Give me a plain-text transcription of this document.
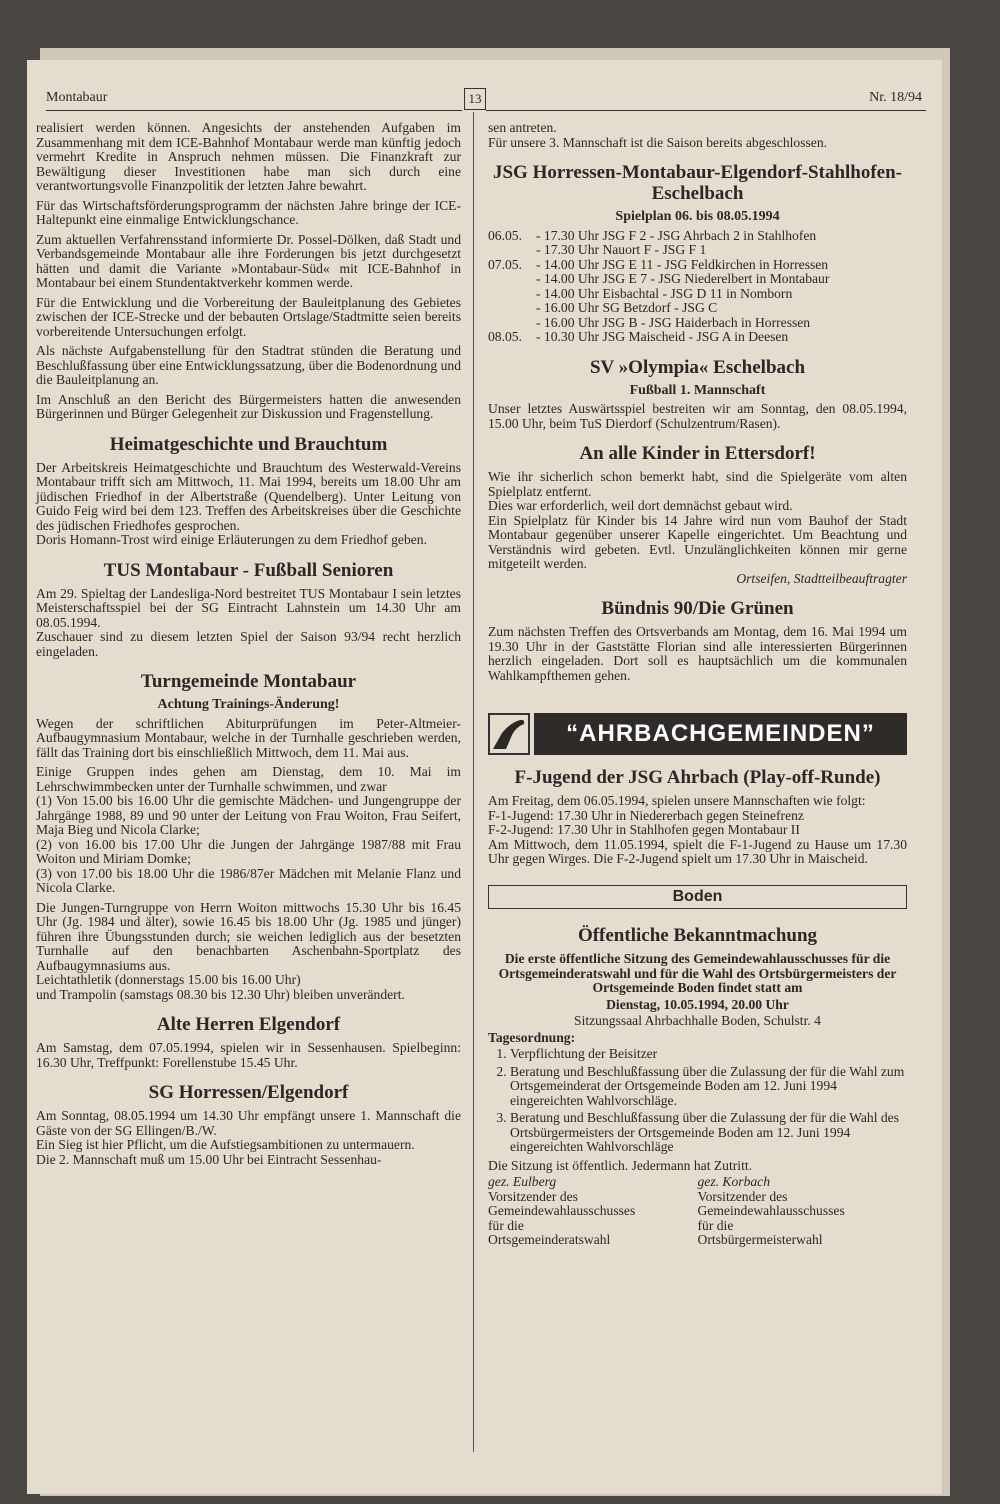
Montabaur	13	Nr. 18/94

realisiert werden können. Angesichts der anstehenden Aufgaben im Zusammenhang mit dem ICE-Bahnhof Montabaur werde man künftig jedoch vermehrt Kredite in Anspruch nehmen müssen. Die Finanzkraft zur Bewältigung dieser Investitionen habe man sich durch eine verantwortungsvolle Finanzpolitik der letzten Jahre bewahrt.

Für das Wirtschaftsförderungsprogramm der nächsten Jahre bringe der ICE-Haltepunkt eine einmalige Entwicklungschance.

Zum aktuellen Verfahrensstand informierte Dr. Possel-Dölken, daß Stadt und Verbandsgemeinde Montabaur alle ihre Forderungen bis jetzt durchgesetzt hätten und damit die Variante »Montabaur-Süd« mit ICE-Bahnhof in Montabaur bei einem Stundentaktverkehr kommen werde.

Für die Entwicklung und die Vorbereitung der Bauleitplanung des Gebietes zwischen der ICE-Strecke und der bebauten Ortslage/Stadtmitte seien bereits vorbereitende Untersuchungen erfolgt.

Als nächste Aufgabenstellung für den Stadtrat stünden die Beratung und Beschlußfassung über eine Entwicklungssatzung, über die Bodenordnung und die Bauleitplanung an.

Im Anschluß an den Bericht des Bürgermeisters hatten die anwesenden Bürgerinnen und Bürger Gelegenheit zur Diskussion und Fragenstellung.

Heimatgeschichte und Brauchtum

Der Arbeitskreis Heimatgeschichte und Brauchtum des Westerwald-Vereins Montabaur trifft sich am Mittwoch, 11. Mai 1994, bereits um 18.00 Uhr am jüdischen Friedhof in der Albertstraße (Quendelberg). Unter Leitung von Guido Feig wird bei dem 123. Treffen des Arbeitskreises über die Geschichte des jüdischen Friedhofes gesprochen.

Doris Homann-Trost wird einige Erläuterungen zu dem Friedhof geben.

TUS Montabaur - Fußball Senioren

Am 29. Spieltag der Landesliga-Nord bestreitet TUS Montabaur I sein letztes Meisterschaftsspiel bei der SG Eintracht Lahnstein um 14.30 Uhr am 08.05.1994.

Zuschauer sind zu diesem letzten Spiel der Saison 93/94 recht herzlich eingeladen.

Turngemeinde Montabaur
Achtung Trainings-Änderung!

Wegen der schriftlichen Abiturprüfungen im Peter-Altmeier-Aufbaugymnasium Montabaur, welche in der Turnhalle geschrieben werden, fällt das Training dort bis einschließlich Mittwoch, dem 11. Mai aus.

Einige Gruppen indes gehen am Dienstag, dem 10. Mai im Lehrschwimmbecken unter der Turnhalle schwimmen, und zwar

(1) Von 15.00 bis 16.00 Uhr die gemischte Mädchen- und Jungengruppe der Jahrgänge 1988, 89 und 90 unter der Leitung von Frau Woiton, Frau Seifert, Maja Bieg und Nicola Clarke;

(2) von 16.00 bis 17.00 Uhr die Jungen der Jahrgänge 1987/88 mit Frau Woiton und Miriam Domke;

(3) von 17.00 bis 18.00 Uhr die 1986/87er Mädchen mit Melanie Flanz und Nicola Clarke.

Die Jungen-Turngruppe von Herrn Woiton mittwochs 15.30 Uhr bis 16.45 Uhr (Jg. 1984 und älter), sowie 16.45 bis 18.00 Uhr (Jg. 1985 und jünger) führen ihre Übungsstunden durch; sie weichen lediglich aus der besetzten Turnhalle auf den benachbarten Aschenbahn-Sportplatz des Aufbaugymnasiums aus.

Leichtathletik (donnerstags 15.00 bis 16.00 Uhr)

und Trampolin (samstags 08.30 bis 12.30 Uhr) bleiben unverändert.

Alte Herren Elgendorf

Am Samstag, dem 07.05.1994, spielen wir in Sessenhausen. Spielbeginn: 16.30 Uhr, Treffpunkt: Forellenstube 15.45 Uhr.

SG Horressen/Elgendorf

Am Sonntag, 08.05.1994 um 14.30 Uhr empfängt unsere 1. Mannschaft die Gäste von der SG Ellingen/B./W.

Ein Sieg ist hier Pflicht, um die Aufstiegsambitionen zu untermauern.

Die 2. Mannschaft muß um 15.00 Uhr bei Eintracht Sessenhau-

sen antreten.

Für unsere 3. Mannschaft ist die Saison bereits abgeschlossen.

JSG Horressen-Montabaur-Elgendorf-Stahlhofen-Eschelbach
Spielplan 06. bis 08.05.1994
06.05.	- 17.30 Uhr JSG F 2 - JSG Ahrbach 2 in Stahlhofen
- 17.30 Uhr Nauort F - JSG F 1
07.05.	- 14.00 Uhr JSG E 11 - JSG Feldkirchen in Horressen
- 14.00 Uhr JSG E 7 - JSG Niederelbert in Montabaur
- 14.00 Uhr Eisbachtal - JSG D 11 in Nomborn
- 16.00 Uhr SG Betzdorf - JSG C
- 16.00 Uhr JSG B - JSG Haiderbach in Horressen
08.05.	- 10.30 Uhr JSG Maischeid - JSG A in Deesen
SV »Olympia« Eschelbach
Fußball 1. Mannschaft

Unser letztes Auswärtsspiel bestreiten wir am Sonntag, den 08.05.1994, 15.00 Uhr, beim TuS Dierdorf (Schulzentrum/Rasen).

An alle Kinder in Ettersdorf!

Wie ihr sicherlich schon bemerkt habt, sind die Spielgeräte vom alten Spielplatz entfernt.

Dies war erforderlich, weil dort demnächst gebaut wird.

Ein Spielplatz für Kinder bis 14 Jahre wird nun vom Bauhof der Stadt Montabaur gegenüber unserer Kapelle eingerichtet. Um Beachtung und Verständnis wird gebeten. Evtl. Unzulänglichkeiten können mir gerne mitgeteilt werden.

Ortseifen, Stadtteilbeauftragter

Bündnis 90/Die Grünen

Zum nächsten Treffen des Ortsverbands am Montag, dem 16. Mai 1994 um 19.30 Uhr in der Gaststätte Florian sind alle interessierten Bürgerinnen herzlich eingeladen. Dort soll es hauptsächlich um die kommunalen Wahlkampfthemen gehen.

“AHRBACHGEMEINDEN”
F-Jugend der JSG Ahrbach (Play-off-Runde)

Am Freitag, dem 06.05.1994, spielen unsere Mannschaften wie folgt:

F-1-Jugend: 17.30 Uhr in Niedererbach gegen Steinefrenz

F-2-Jugend: 17.30 Uhr in Stahlhofen gegen Montabaur II

Am Mittwoch, dem 11.05.1994, spielt die F-1-Jugend zu Hause um 17.30 Uhr gegen Wirges. Die F-2-Jugend spielt um 17.30 Uhr in Maischeid.

Boden
Öffentliche Bekanntmachung

Die erste öffentliche Sitzung des Gemeindewahlausschusses für die Ortsgemeinderatswahl und für die Wahl des Ortsbürgermeisters der Ortsgemeinde Boden findet statt am

Dienstag, 10.05.1994, 20.00 Uhr

Sitzungssaal Ahrbachhalle Boden, Schulstr. 4

Tagesordnung:

1. Verpflichtung der Beisitzer
2. Beratung und Beschlußfassung über die Zulassung der für die Wahl zum Ortsgemeinderat der Ortsgemeinde Boden am 12. Juni 1994 eingereichten Wahlvorschläge.
3. Beratung und Beschlußfassung über die Zulassung der für die Wahl des Ortsbürgermeisters der Ortsgemeinde Boden am 12. Juni 1994 eingereichten Wahlvorschläge

Die Sitzung ist öffentlich. Jedermann hat Zutritt.

gez. Eulberg
Vorsitzender des
Gemeindewahlausschusses
für die
Ortsgemeinderatswahl
gez. Korbach
Vorsitzender des
Gemeindewahlausschusses
für die
Ortsbürgermeisterwahl
